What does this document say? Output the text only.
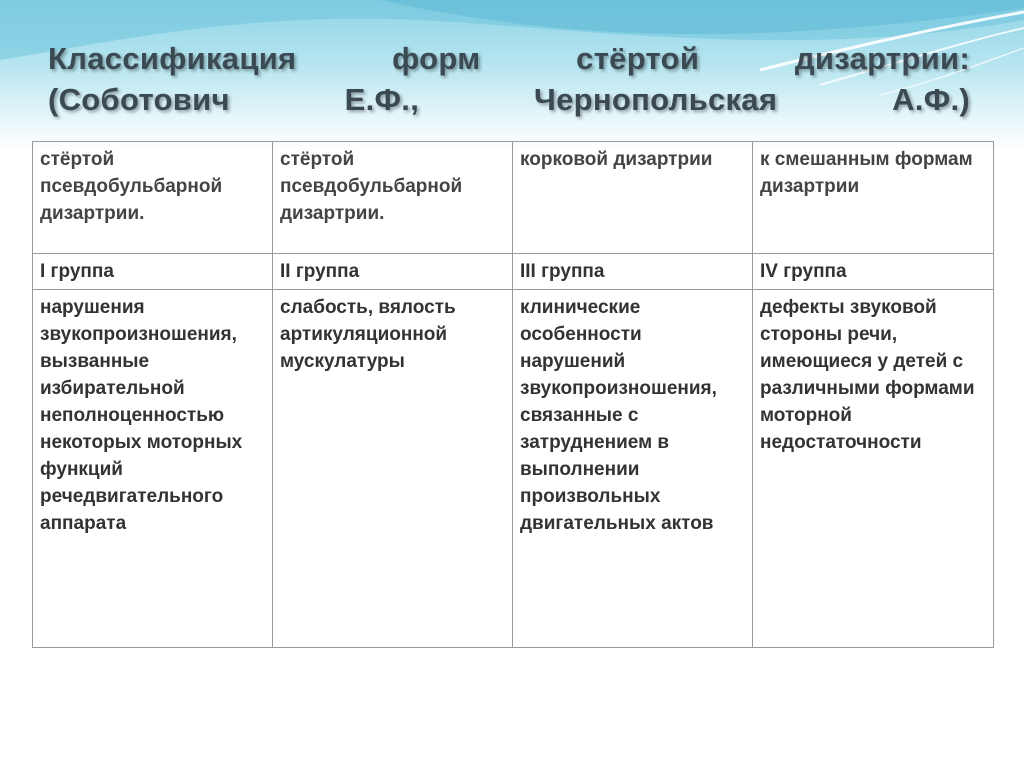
Классификация форм стёртой дизартрии:
(Соботович Е.Ф., Чернопольская А.Ф.)
стёртой псевдобульбарной дизартрии.	стёртой псевдобульбарной дизартрии.	корковой дизартрии	к смешанным формам дизартрии
I группа	II группа	III группа	IV группа
нарушения звукопроизношения, вызванные избирательной неполноценностью некоторых моторных функций речедвигательного аппарата	слабость, вялость артикуляционной мускулатуры	клинические особенности нарушений звукопроизношения, связанные с затруднением в выполнении произвольных двигательных актов	дефекты звуковой стороны речи, имеющиеся у детей с различными формами моторной недостаточности
